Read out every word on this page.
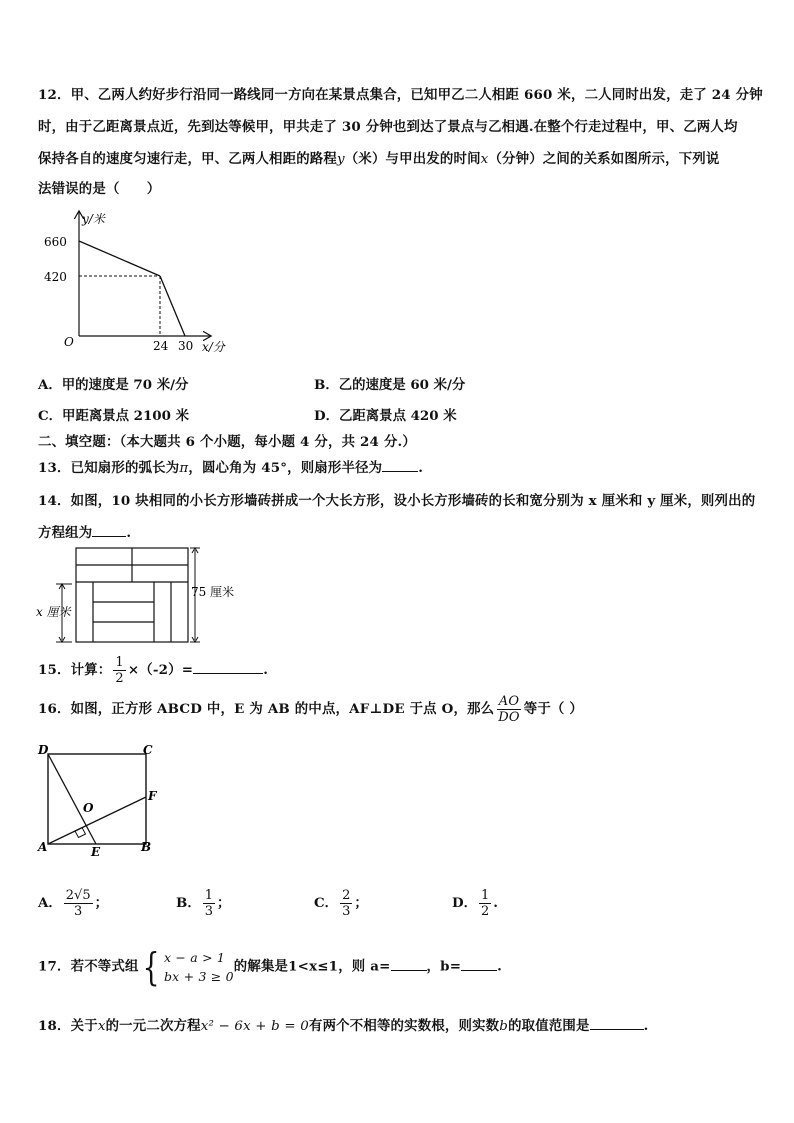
12．甲、乙两人约好步行沿同一路线同一方向在某景点集合，已知甲乙二人相距 660 米，二人同时出发，走了 24 分钟
时，由于乙距离景点近，先到达等候甲，甲共走了 30 分钟也到达了景点与乙相遇.在整个行走过程中，甲、乙两人均
保持各自的速度匀速行走，甲、乙两人相距的路程y（米）与甲出发的时间x（分钟）之间的关系如图所示，下列说
法错误的是（　　）
y/米
660
420
O	24 30 x/分
A．甲的速度是 70 米/分	B．乙的速度是 60 米/分
C．甲距离景点 2100 米	D．乙距离景点 420 米
二、填空题：（本大题共 6 个小题，每小题 4 分，共 24 分.）
13．已知扇形的弧长为π，圆心角为 45°，则扇形半径为	.
14．如图，10 块相同的小长方形墙砖拼成一个大长方形，设小长方形墙砖的长和宽分别为 x 厘米和 y 厘米，则列出的
方程组为	.
x 厘米
75 厘米
15．计算： $\frac{1}{2} \times(-2)=$	.
16．如图，正方形 ABCD 中，E 为 AB 的中点，AF⊥DE 于点 O，那么 $\frac{AO}{DO}$ 等于（ ）
D	C
F
O
A	E	B
A． $\frac{2√5}{3}$ ；	B． $\frac{1}{3}$ ；	C． $\frac{2}{3}$ ；	D． $\frac{1}{2}$ .
17．若不等式组 { x − a > 1
bx + 3 ≥ 0
的解集是1<x≤1，则 a=	，b=	.
18．关于x的一元二次方程x² − 6x + b = 0有两个不相等的实数根，则实数b的取值范围是	.
